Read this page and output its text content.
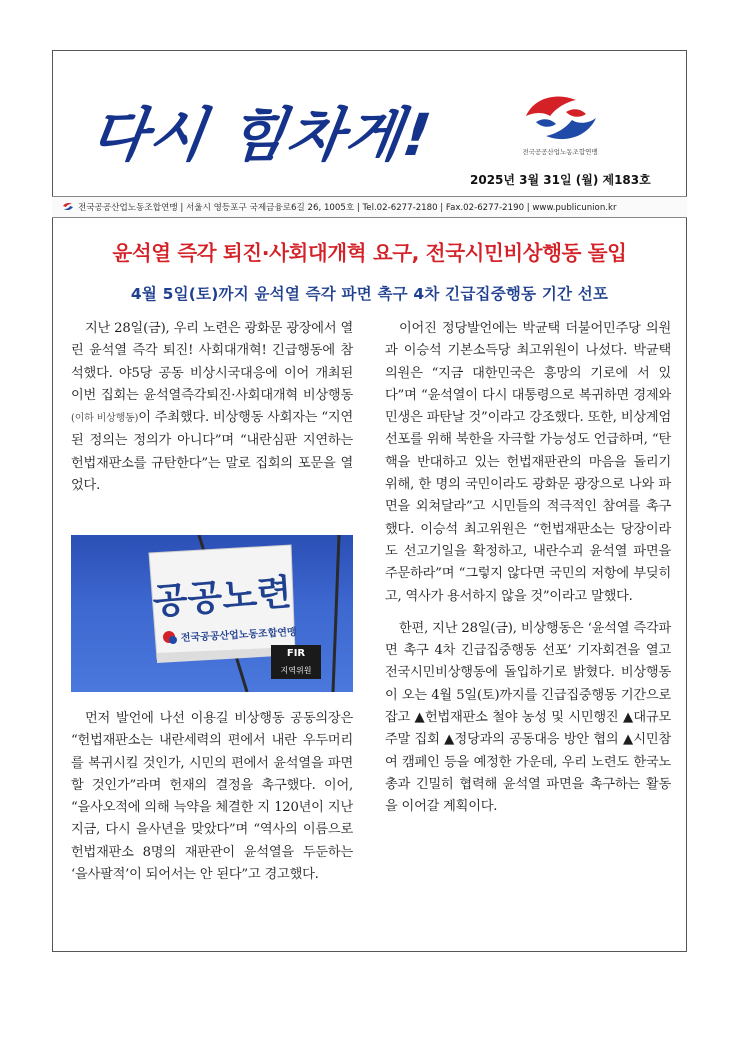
다시 힘차게!	전국공공산업노동조합연맹
2025년 3월 31일 (월) 제183호
전국공공산업노동조합연맹 | 서울시 영등포구 국제금융로6길 26, 1005호 | Tel.02-6277-2180 | Fax.02-6277-2190 | www.publicunion.kr
윤석열 즉각 퇴진·사회대개혁 요구, 전국시민비상행동 돌입
4월 5일(토)까지 윤석열 즉각 파면 촉구 4차 긴급집중행동 기간 선포

지난 28일(금), 우리 노련은 광화문 광장에서 열린 윤석열 즉각 퇴진! 사회대개혁! 긴급행동에 참석했다. 야5당 공동 비상시국대응에 이어 개최된 이번 집회는 윤석열즉각퇴진·사회대개혁 비상행동(이하 비상행동)이 주최했다. 비상행동 사회자는 “지연된 정의는 정의가 아니다”며 “내란심판 지연하는 헌법재판소를 규탄한다”는 말로 집회의 포문을 열었다.

FIR
지역위원
공공노련
전국공공산업노동조합연맹

먼저 발언에 나선 이용길 비상행동 공동의장은 “헌법재판소는 내란세력의 편에서 내란 우두머리를 복귀시킬 것인가, 시민의 편에서 윤석열을 파면할 것인가”라며 헌재의 결정을 촉구했다. 이어, “을사오적에 의해 늑약을 체결한 지 120년이 지난 지금, 다시 을사년을 맞았다”며 “역사의 이름으로 헌법재판소 8명의 재판관이 윤석열을 두둔하는 ‘을사팔적’이 되어서는 안 된다”고 경고했다.

이어진 정당발언에는 박균택 더불어민주당 의원과 이승석 기본소득당 최고위원이 나섰다. 박균택 의원은 “지금 대한민국은 흥망의 기로에 서 있다”며 “윤석열이 다시 대통령으로 복귀하면 경제와 민생은 파탄날 것”이라고 강조했다. 또한, 비상계엄 선포를 위해 북한을 자극할 가능성도 언급하며, “탄핵을 반대하고 있는 헌법재판관의 마음을 돌리기 위해, 한 명의 국민이라도 광화문 광장으로 나와 파면을 외쳐달라”고 시민들의 적극적인 참여를 촉구했다. 이승석 최고위원은 “헌법재판소는 당장이라도 선고기일을 확정하고, 내란수괴 윤석열 파면을 주문하라”며 “그렇지 않다면 국민의 저항에 부딪히고, 역사가 용서하지 않을 것”이라고 말했다.

한편, 지난 28일(금), 비상행동은 ‘윤석열 즉각파면 촉구 4차 긴급집중행동 선포’ 기자회견을 열고 전국시민비상행동에 돌입하기로 밝혔다. 비상행동이 오는 4월 5일(토)까지를 긴급집중행동 기간으로 잡고 ▲헌법재판소 철야 농성 및 시민행진 ▲대규모 주말 집회 ▲정당과의 공동대응 방안 협의 ▲시민참여 캠페인 등을 예정한 가운데, 우리 노련도 한국노총과 긴밀히 협력해 윤석열 파면을 촉구하는 활동을 이어갈 계획이다.
